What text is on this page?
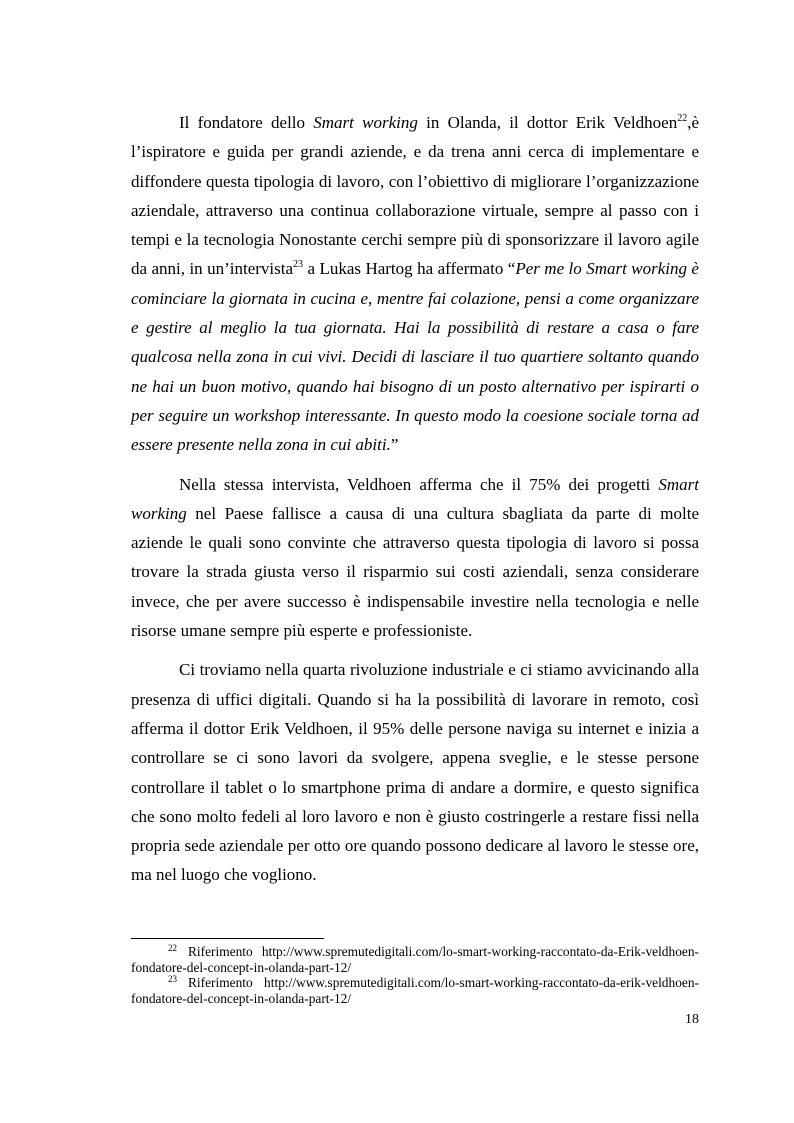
Il fondatore dello Smart working in Olanda, il dottor Erik Veldhoen$^{22}$,è l’ispiratore e guida per grandi aziende, e da trena anni cerca di implementare e diffondere questa tipologia di lavoro, con l’obiettivo di migliorare l’organizzazione aziendale, attraverso una continua collaborazione virtuale, sempre al passo con i tempi e la tecnologia Nonostante cerchi sempre più di sponsorizzare il lavoro agile da anni, in un’intervista$^{23}$ a Lukas Hartog ha affermato “Per me lo Smart working è cominciare la giornata in cucina e, mentre fai colazione, pensi a come organizzare e gestire al meglio la tua giornata. Hai la possibilità di restare a casa o fare qualcosa nella zona in cui vivi. Decidi di lasciare il tuo quartiere soltanto quando ne hai un buon motivo, quando hai bisogno di un posto alternativo per ispirarti o per seguire un workshop interessante. In questo modo la coesione sociale torna ad essere presente nella zona in cui abiti.”

Nella stessa intervista, Veldhoen afferma che il 75% dei progetti Smart working nel Paese fallisce a causa di una cultura sbagliata da parte di molte aziende le quali sono convinte che attraverso questa tipologia di lavoro si possa trovare la strada giusta verso il risparmio sui costi aziendali, senza considerare invece, che per avere successo è indispensabile investire nella tecnologia e nelle risorse umane sempre più esperte e professioniste.

Ci troviamo nella quarta rivoluzione industriale e ci stiamo avvicinando alla presenza di uffici digitali. Quando si ha la possibilità di lavorare in remoto, così afferma il dottor Erik Veldhoen, il 95% delle persone naviga su internet e inizia a controllare se ci sono lavori da svolgere, appena sveglie, e le stesse persone controllare il tablet o lo smartphone prima di andare a dormire, e questo significa che sono molto fedeli al loro lavoro e non è giusto costringerle a restare fissi nella propria sede aziendale per otto ore quando possono dedicare al lavoro le stesse ore, ma nel luogo che vogliono.

$^{22}$ Riferimento http://www.spremutedigitali.com/lo-smart-working-raccontato-da-Erik-veldhoen-fondatore-del-concept-in-olanda-part-12/

$^{23}$ Riferimento http://www.spremutedigitali.com/lo-smart-working-raccontato-da-erik-veldhoen-fondatore-del-concept-in-olanda-part-12/

18
